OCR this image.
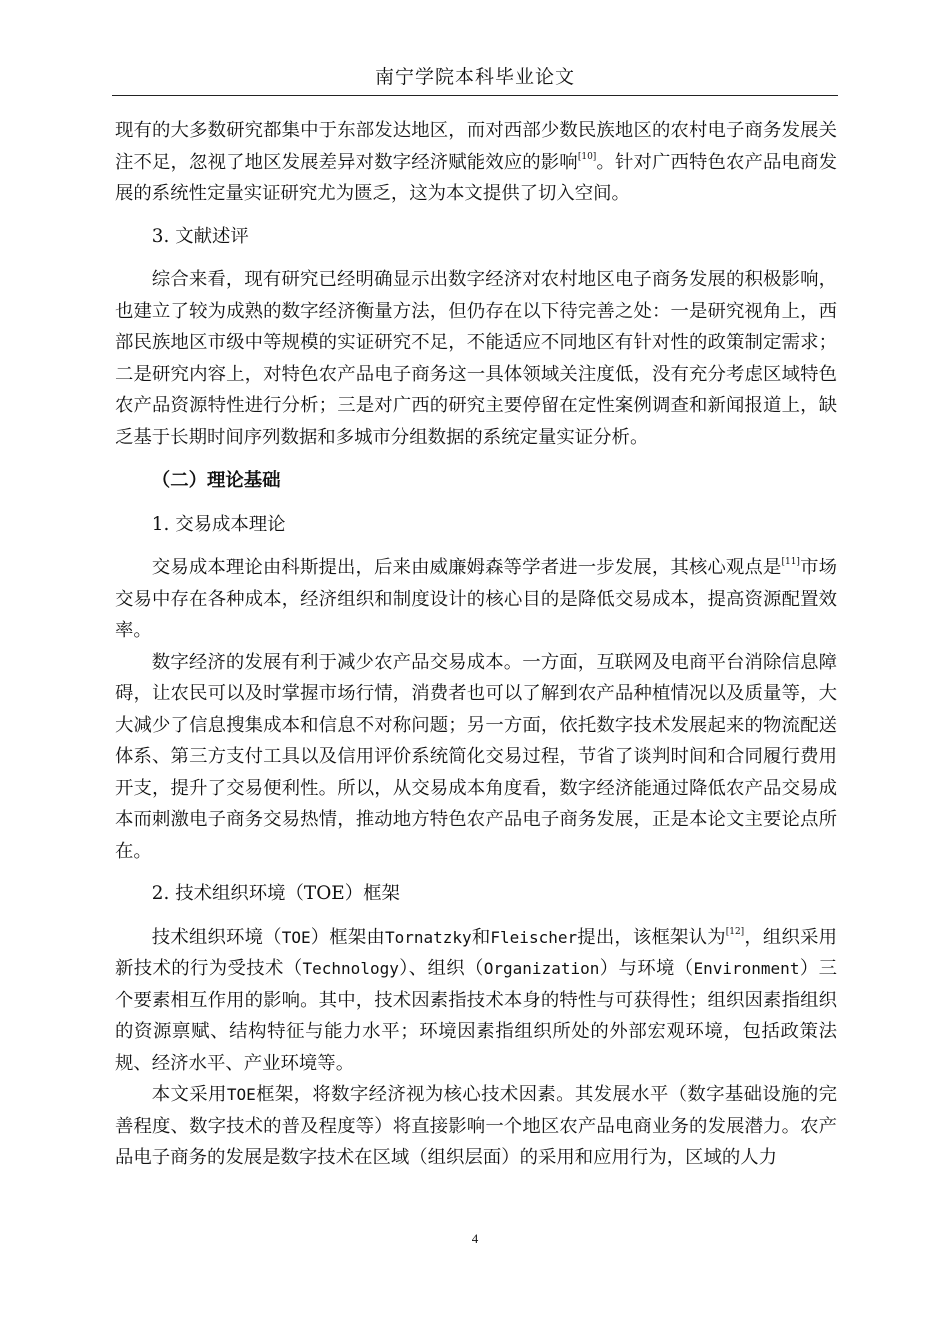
南宁学院本科毕业论文

现有的大多数研究都集中于东部发达地区，而对西部少数民族地区的农村电子商务发展关注不足，忽视了地区发展差异对数字经济赋能效应的影响[10]。针对广西特色农产品电商发展的系统性定量实证研究尤为匮乏，这为本文提供了切入空间。

3. 文献述评

综合来看，现有研究已经明确显示出数字经济对农村地区电子商务发展的积极影响，也建立了较为成熟的数字经济衡量方法，但仍存在以下待完善之处：一是研究视角上，西部民族地区市级中等规模的实证研究不足，不能适应不同地区有针对性的政策制定需求；二是研究内容上，对特色农产品电子商务这一具体领域关注度低，没有充分考虑区域特色农产品资源特性进行分析；三是对广西的研究主要停留在定性案例调查和新闻报道上，缺乏基于长期时间序列数据和多城市分组数据的系统定量实证分析。

（二）理论基础

1. 交易成本理论

交易成本理论由科斯提出，后来由威廉姆森等学者进一步发展，其核心观点是[11]市场交易中存在各种成本，经济组织和制度设计的核心目的是降低交易成本，提高资源配置效率。

数字经济的发展有利于减少农产品交易成本。一方面，互联网及电商平台消除信息障碍，让农民可以及时掌握市场行情，消费者也可以了解到农产品种植情况以及质量等，大大减少了信息搜集成本和信息不对称问题；另一方面，依托数字技术发展起来的物流配送体系、第三方支付工具以及信用评价系统简化交易过程，节省了谈判时间和合同履行费用开支，提升了交易便利性。所以，从交易成本角度看，数字经济能通过降低农产品交易成本而刺激电子商务交易热情，推动地方特色农产品电子商务发展，正是本论文主要论点所在。

2. 技术组织环境（TOE）框架

技术组织环境（TOE）框架由Tornatzky和Fleischer提出，该框架认为[12]，组织采用新技术的行为受技术（Technology）、组织（Organization）与环境（Environment）三个要素相互作用的影响。其中，技术因素指技术本身的特性与可获得性；组织因素指组织的资源禀赋、结构特征与能力水平；环境因素指组织所处的外部宏观环境，包括政策法规、经济水平、产业环境等。

本文采用TOE框架，将数字经济视为核心技术因素。其发展水平（数字基础设施的完善程度、数字技术的普及程度等）将直接影响一个地区农产品电商业务的发展潜力。农产品电子商务的发展是数字技术在区域（组织层面）的采用和应用行为，区域的人力

4
